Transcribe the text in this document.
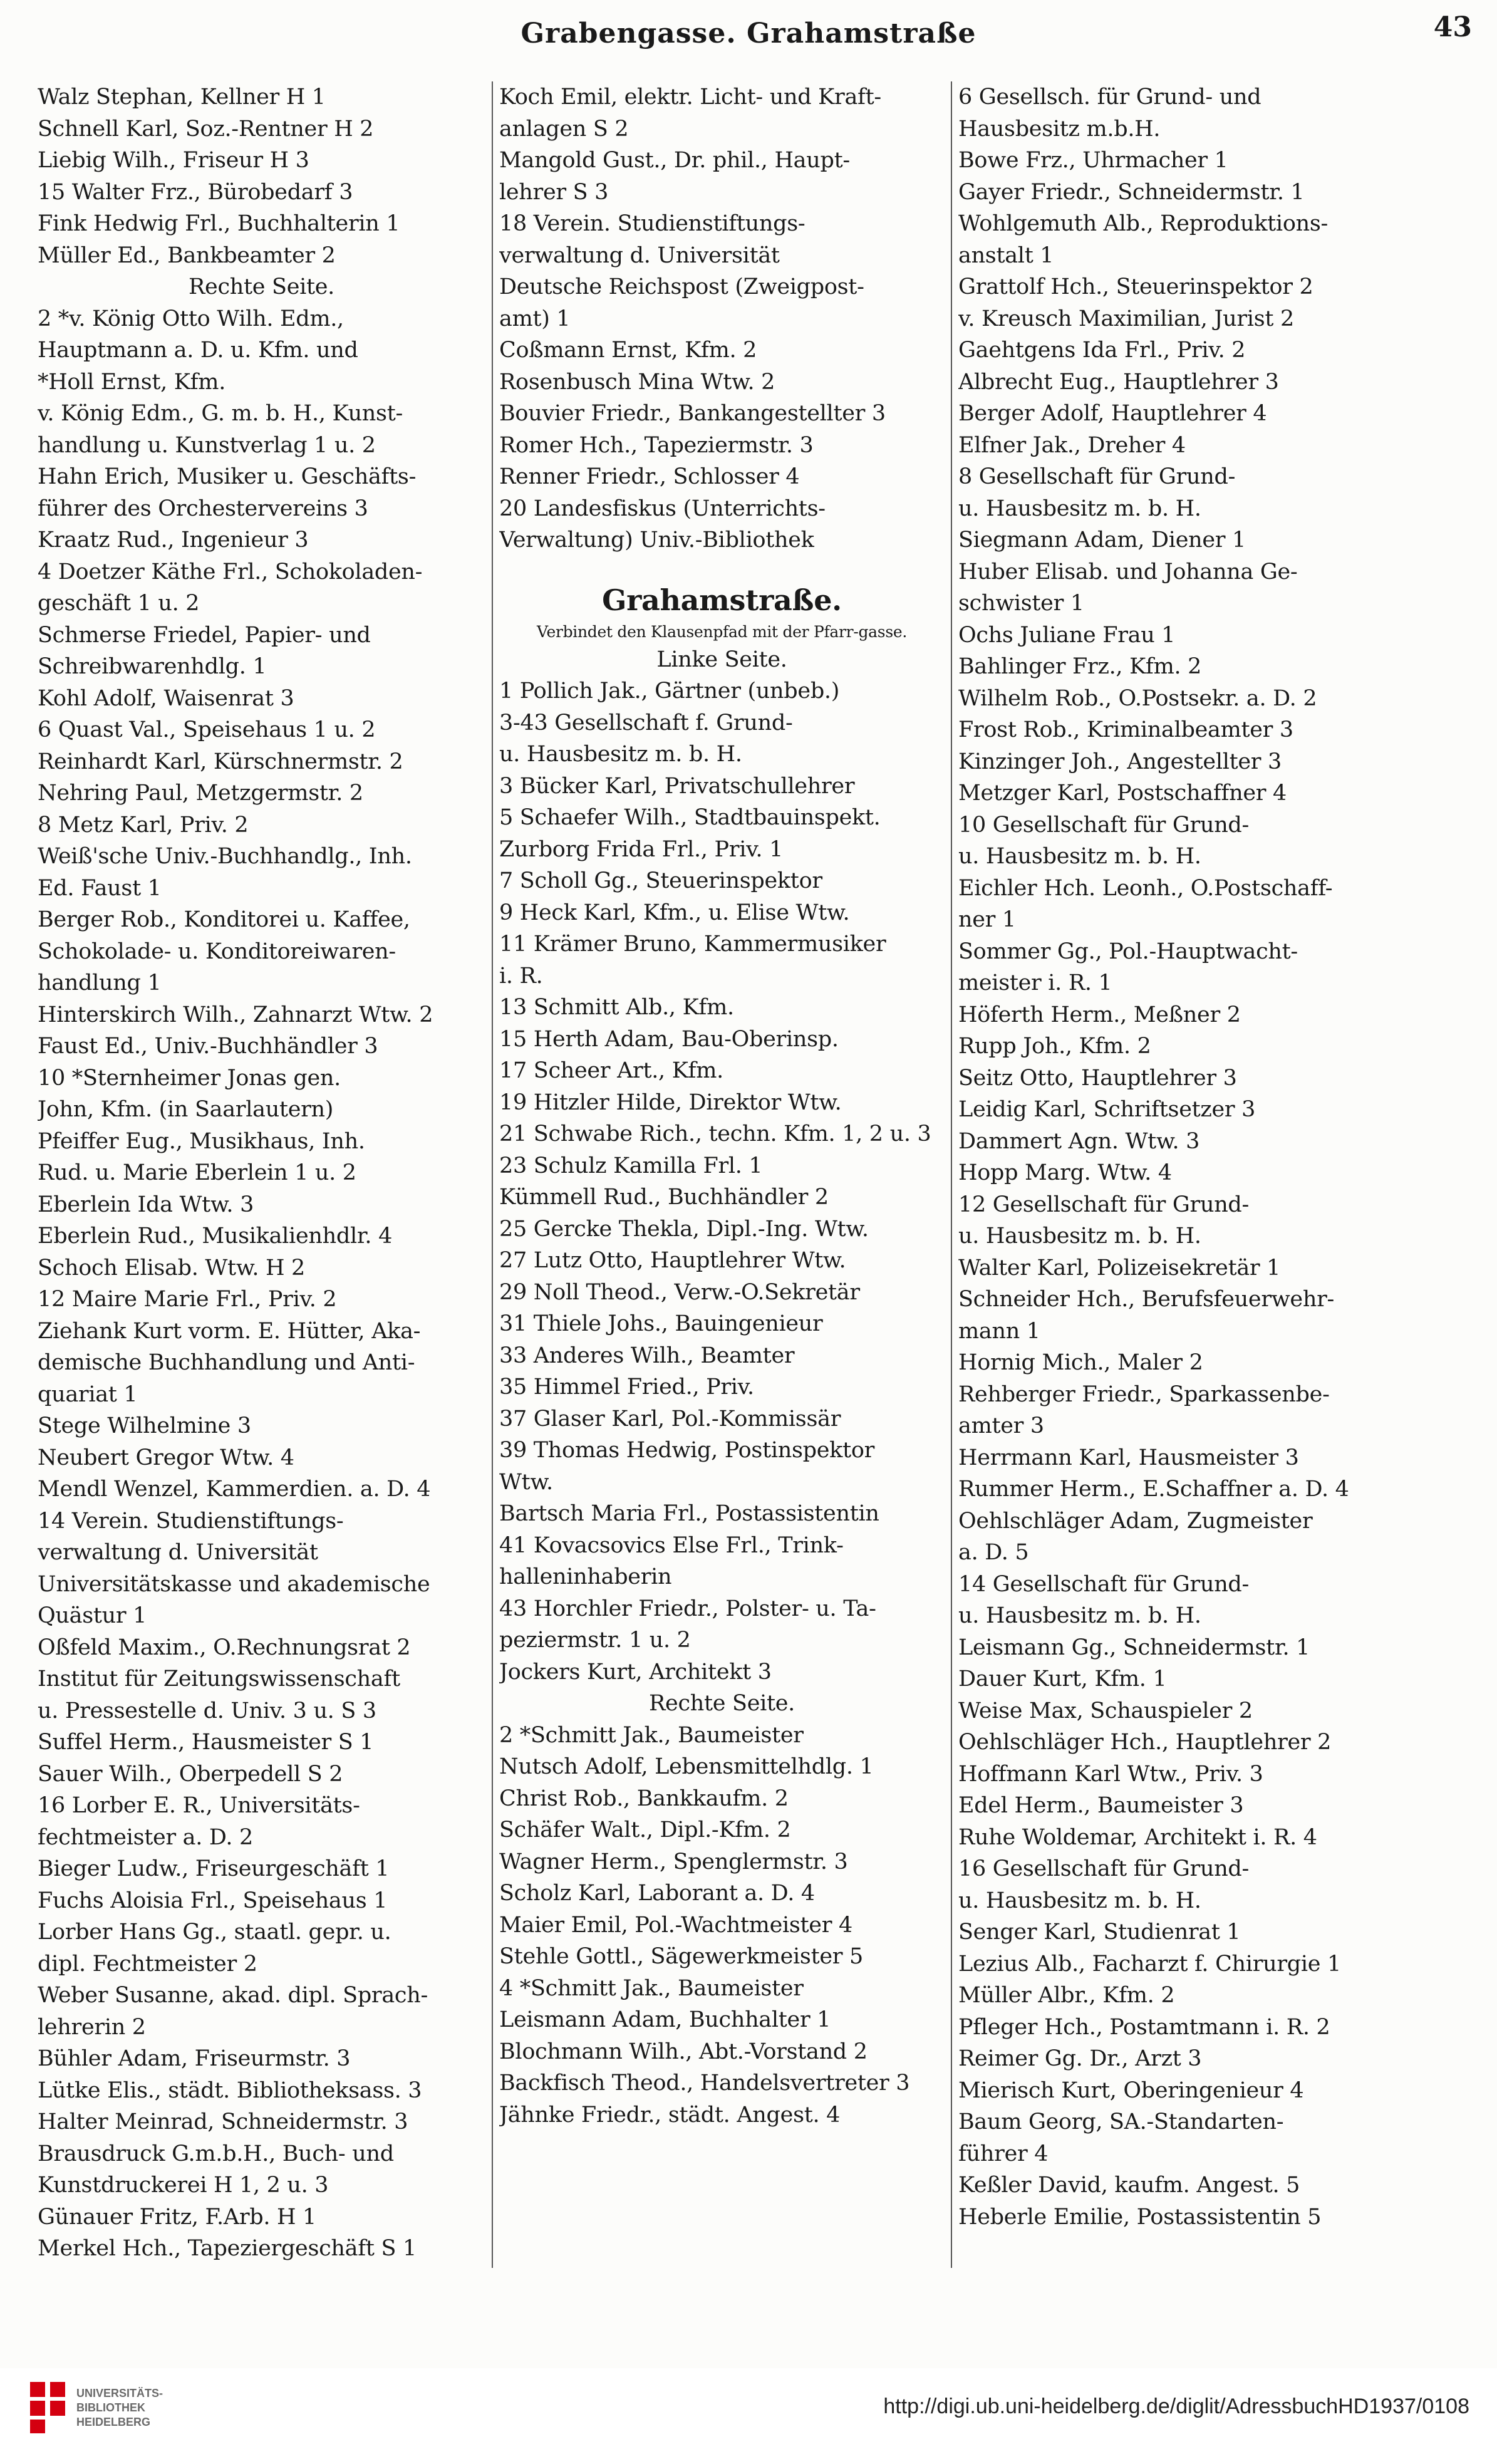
Grabengasse. Grahamstraße	43
Walz Stephan, Kellner H 1
Schnell Karl, Soz.-Rentner H 2
Liebig Wilh., Friseur H 3
15 Walter Frz., Bürobedarf 3
Fink Hedwig Frl., Buchhalterin 1
Müller Ed., Bankbeamter 2
Rechte Seite.
2 *v. König Otto Wilh. Edm.,
Hauptmann a. D. u. Kfm. und
*Holl Ernst, Kfm.
v. König Edm., G. m. b. H., Kunst-
handlung u. Kunstverlag 1 u. 2
Hahn Erich, Musiker u. Geschäfts-
führer des Orchestervereins 3
Kraatz Rud., Ingenieur 3
4 Doetzer Käthe Frl., Schokoladen-
geschäft 1 u. 2
Schmerse Friedel, Papier- und
Schreibwarenhdlg. 1
Kohl Adolf, Waisenrat 3
6 Quast Val., Speisehaus 1 u. 2
Reinhardt Karl, Kürschnermstr. 2
Nehring Paul, Metzgermstr. 2
8 Metz Karl, Priv. 2
Weiß'sche Univ.-Buchhandlg., Inh.
Ed. Faust 1
Berger Rob., Konditorei u. Kaffee,
Schokolade- u. Konditoreiwaren-
handlung 1
Hinterskirch Wilh., Zahnarzt Wtw. 2
Faust Ed., Univ.-Buchhändler 3
10 *Sternheimer Jonas gen.
John, Kfm. (in Saarlautern)
Pfeiffer Eug., Musikhaus, Inh.
Rud. u. Marie Eberlein 1 u. 2
Eberlein Ida Wtw. 3
Eberlein Rud., Musikalienhdlr. 4
Schoch Elisab. Wtw. H 2
12 Maire Marie Frl., Priv. 2
Ziehank Kurt vorm. E. Hütter, Aka-
demische Buchhandlung und Anti-
quariat 1
Stege Wilhelmine 3
Neubert Gregor Wtw. 4
Mendl Wenzel, Kammerdien. a. D. 4
14 Verein. Studienstiftungs-
verwaltung d. Universität
Universitätskasse und akademische
Quästur 1
Oßfeld Maxim., O.Rechnungsrat 2
Institut für Zeitungswissenschaft
u. Pressestelle d. Univ. 3 u. S 3
Suffel Herm., Hausmeister S 1
Sauer Wilh., Oberpedell S 2
16 Lorber E. R., Universitäts-
fechtmeister a. D. 2
Bieger Ludw., Friseurgeschäft 1
Fuchs Aloisia Frl., Speisehaus 1
Lorber Hans Gg., staatl. gepr. u.
dipl. Fechtmeister 2
Weber Susanne, akad. dipl. Sprach-
lehrerin 2
Bühler Adam, Friseurmstr. 3
Lütke Elis., städt. Bibliotheksass. 3
Halter Meinrad, Schneidermstr. 3
Brausdruck G.m.b.H., Buch- und
Kunstdruckerei H 1, 2 u. 3
Günauer Fritz, F.Arb. H 1
Merkel Hch., Tapeziergeschäft S 1
Koch Emil, elektr. Licht- und Kraft-
anlagen S 2
Mangold Gust., Dr. phil., Haupt-
lehrer S 3
18 Verein. Studienstiftungs-
verwaltung d. Universität
Deutsche Reichspost (Zweigpost-
amt) 1
Coßmann Ernst, Kfm. 2
Rosenbusch Mina Wtw. 2
Bouvier Friedr., Bankangestellter 3
Romer Hch., Tapeziermstr. 3
Renner Friedr., Schlosser 4
20 Landesfiskus (Unterrichts-
Verwaltung) Univ.-Bibliothek
Grahamstraße.
Verbindet den Klausenpfad mit der Pfarr-gasse.
Linke Seite.
1 Pollich Jak., Gärtner (unbeb.)
3-43 Gesellschaft f. Grund-
u. Hausbesitz m. b. H.
3 Bücker Karl, Privatschullehrer
5 Schaefer Wilh., Stadtbauinspekt.
Zurborg Frida Frl., Priv. 1
7 Scholl Gg., Steuerinspektor
9 Heck Karl, Kfm., u. Elise Wtw.
11 Krämer Bruno, Kammermusiker
i. R.
13 Schmitt Alb., Kfm.
15 Herth Adam, Bau-Oberinsp.
17 Scheer Art., Kfm.
19 Hitzler Hilde, Direktor Wtw.
21 Schwabe Rich., techn. Kfm. 1, 2 u. 3
23 Schulz Kamilla Frl. 1
Kümmell Rud., Buchhändler 2
25 Gercke Thekla, Dipl.-Ing. Wtw.
27 Lutz Otto, Hauptlehrer Wtw.
29 Noll Theod., Verw.-O.Sekretär
31 Thiele Johs., Bauingenieur
33 Anderes Wilh., Beamter
35 Himmel Fried., Priv.
37 Glaser Karl, Pol.-Kommissär
39 Thomas Hedwig, Postinspektor
Wtw.
Bartsch Maria Frl., Postassistentin
41 Kovacsovics Else Frl., Trink-
halleninhaberin
43 Horchler Friedr., Polster- u. Ta-
peziermstr. 1 u. 2
Jockers Kurt, Architekt 3
Rechte Seite.
2 *Schmitt Jak., Baumeister
Nutsch Adolf, Lebensmittelhdlg. 1
Christ Rob., Bankkaufm. 2
Schäfer Walt., Dipl.-Kfm. 2
Wagner Herm., Spenglermstr. 3
Scholz Karl, Laborant a. D. 4
Maier Emil, Pol.-Wachtmeister 4
Stehle Gottl., Sägewerkmeister 5
4 *Schmitt Jak., Baumeister
Leismann Adam, Buchhalter 1
Blochmann Wilh., Abt.-Vorstand 2
Backfisch Theod., Handelsvertreter 3
Jähnke Friedr., städt. Angest. 4
6 Gesellsch. für Grund- und
Hausbesitz m.b.H.
Bowe Frz., Uhrmacher 1
Gayer Friedr., Schneidermstr. 1
Wohlgemuth Alb., Reproduktions-
anstalt 1
Grattolf Hch., Steuerinspektor 2
v. Kreusch Maximilian, Jurist 2
Gaehtgens Ida Frl., Priv. 2
Albrecht Eug., Hauptlehrer 3
Berger Adolf, Hauptlehrer 4
Elfner Jak., Dreher 4
8 Gesellschaft für Grund-
u. Hausbesitz m. b. H.
Siegmann Adam, Diener 1
Huber Elisab. und Johanna Ge-
schwister 1
Ochs Juliane Frau 1
Bahlinger Frz., Kfm. 2
Wilhelm Rob., O.Postsekr. a. D. 2
Frost Rob., Kriminalbeamter 3
Kinzinger Joh., Angestellter 3
Metzger Karl, Postschaffner 4
10 Gesellschaft für Grund-
u. Hausbesitz m. b. H.
Eichler Hch. Leonh., O.Postschaff-
ner 1
Sommer Gg., Pol.-Hauptwacht-
meister i. R. 1
Höferth Herm., Meßner 2
Rupp Joh., Kfm. 2
Seitz Otto, Hauptlehrer 3
Leidig Karl, Schriftsetzer 3
Dammert Agn. Wtw. 3
Hopp Marg. Wtw. 4
12 Gesellschaft für Grund-
u. Hausbesitz m. b. H.
Walter Karl, Polizeisekretär 1
Schneider Hch., Berufsfeuerwehr-
mann 1
Hornig Mich., Maler 2
Rehberger Friedr., Sparkassenbe-
amter 3
Herrmann Karl, Hausmeister 3
Rummer Herm., E.Schaffner a. D. 4
Oehlschläger Adam, Zugmeister
a. D. 5
14 Gesellschaft für Grund-
u. Hausbesitz m. b. H.
Leismann Gg., Schneidermstr. 1
Dauer Kurt, Kfm. 1
Weise Max, Schauspieler 2
Oehlschläger Hch., Hauptlehrer 2
Hoffmann Karl Wtw., Priv. 3
Edel Herm., Baumeister 3
Ruhe Woldemar, Architekt i. R. 4
16 Gesellschaft für Grund-
u. Hausbesitz m. b. H.
Senger Karl, Studienrat 1
Lezius Alb., Facharzt f. Chirurgie 1
Müller Albr., Kfm. 2
Pfleger Hch., Postamtmann i. R. 2
Reimer Gg. Dr., Arzt 3
Mierisch Kurt, Oberingenieur 4
Baum Georg, SA.-Standarten-
führer 4
Keßler David, kaufm. Angest. 5
Heberle Emilie, Postassistentin 5
UNIVERSITÄTS-
BIBLIOTHEK
HEIDELBERG
http://digi.ub.uni-heidelberg.de/diglit/AdressbuchHD1937/0108
